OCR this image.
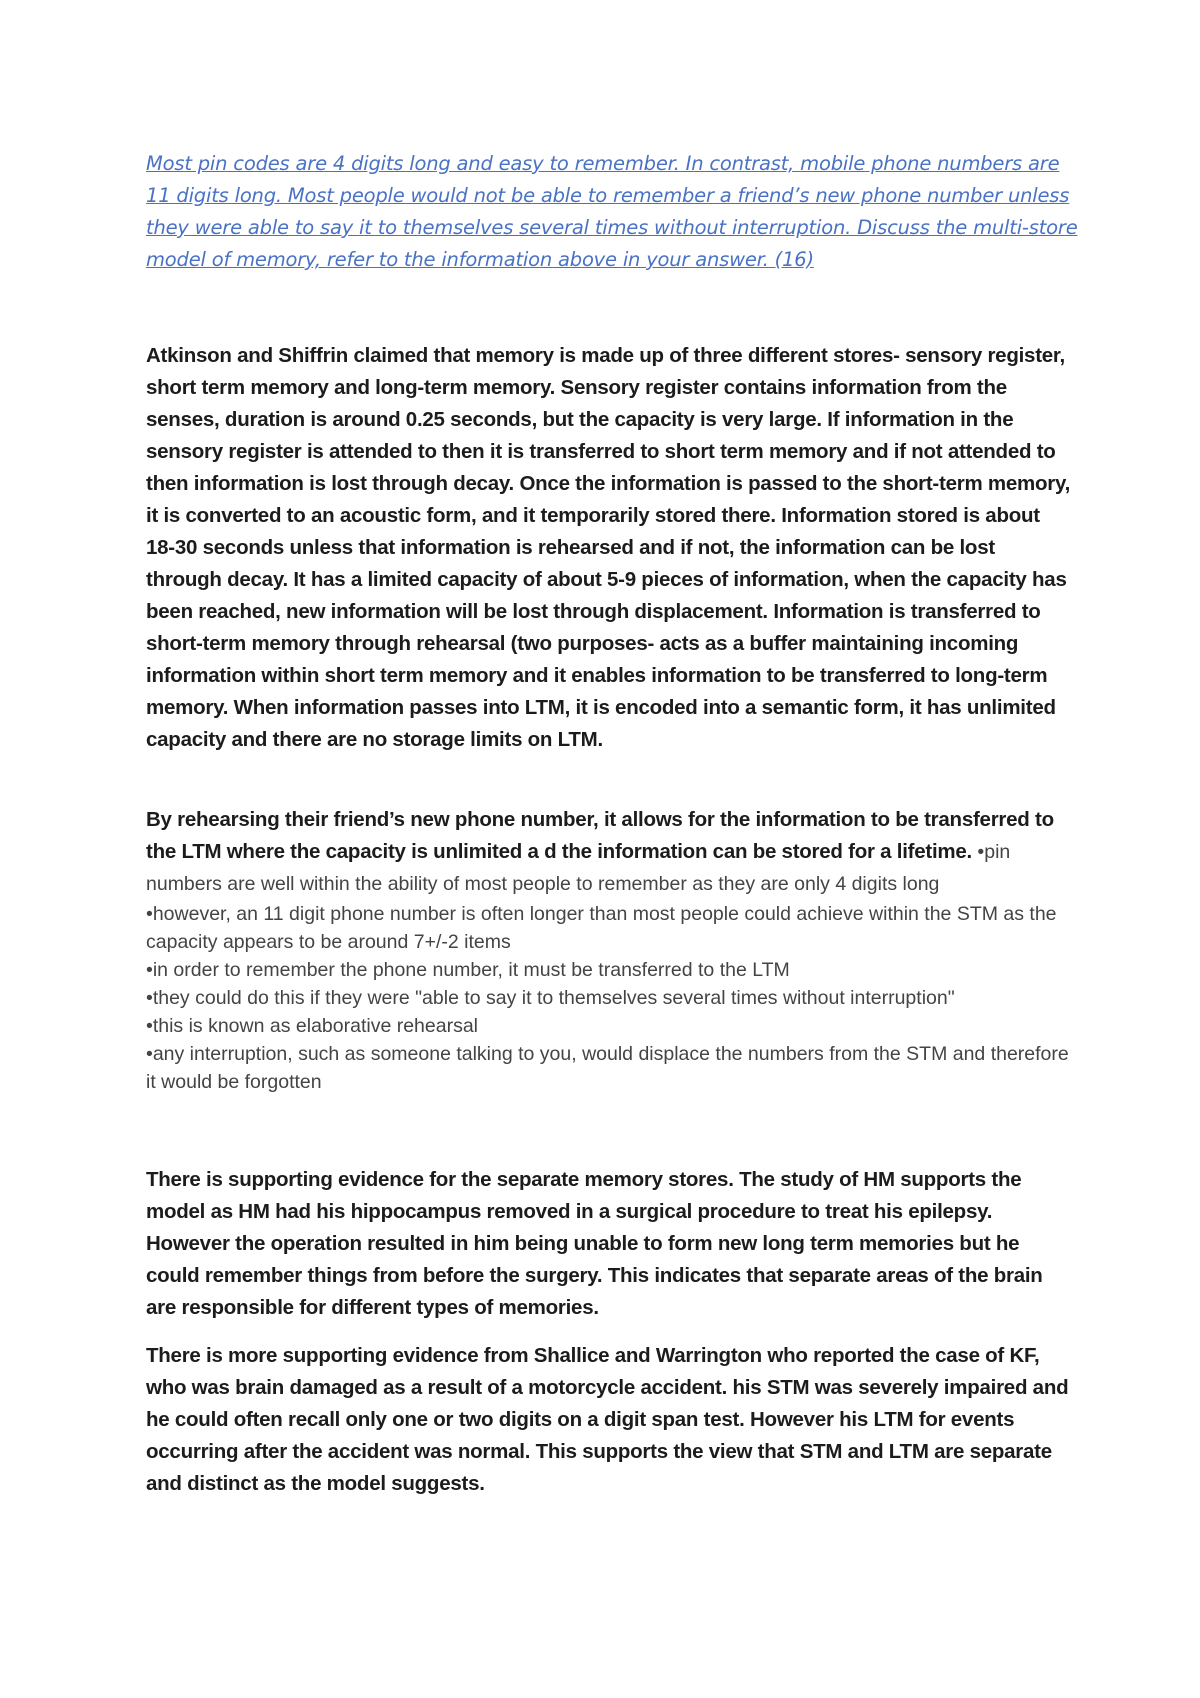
Most pin codes are 4 digits long and easy to remember. In contrast, mobile phone numbers are 11 digits long. Most people would not be able to remember a friend’s new phone number unless they were able to say it to themselves several times without interruption. Discuss the multi-store model of memory, refer to the information above in your answer. (16)

Atkinson and Shiffrin claimed that memory is made up of three different stores- sensory register, short term memory and long-term memory. Sensory register contains information from the senses, duration is around 0.25 seconds, but the capacity is very large. If information in the sensory register is attended to then it is transferred to short term memory and if not attended to then information is lost through decay. Once the information is passed to the short-term memory, it is converted to an acoustic form, and it temporarily stored there. Information stored is about 18-30 seconds unless that information is rehearsed and if not, the information can be lost through decay. It has a limited capacity of about 5-9 pieces of information, when the capacity has been reached, new information will be lost through displacement. Information is transferred to short-term memory through rehearsal (two purposes- acts as a buffer maintaining incoming information within short term memory and it enables information to be transferred to long-term memory. When information passes into LTM, it is encoded into a semantic form, it has unlimited capacity and there are no storage limits on LTM.

By rehearsing their friend’s new phone number, it allows for the information to be transferred to the LTM where the capacity is unlimited a d the information can be stored for a lifetime. •pin numbers are well within the ability of most people to remember as they are only 4 digits long
•however, an 11 digit phone number is often longer than most people could achieve within the STM as the capacity appears to be around 7+/-2 items
•in order to remember the phone number, it must be transferred to the LTM
•they could do this if they were "able to say it to themselves several times without interruption"
•this is known as elaborative rehearsal
•any interruption, such as someone talking to you, would displace the numbers from the STM and therefore it would be forgotten

There is supporting evidence for the separate memory stores. The study of HM supports the model as HM had his hippocampus removed in a surgical procedure to treat his epilepsy. However the operation resulted in him being unable to form new long term memories but he could remember things from before the surgery. This indicates that separate areas of the brain are responsible for different types of memories.

There is more supporting evidence from Shallice and Warrington who reported the case of KF, who was brain damaged as a result of a motorcycle accident. his STM was severely impaired and he could often recall only one or two digits on a digit span test. However his LTM for events occurring after the accident was normal. This supports the view that STM and LTM are separate and distinct as the model suggests.
